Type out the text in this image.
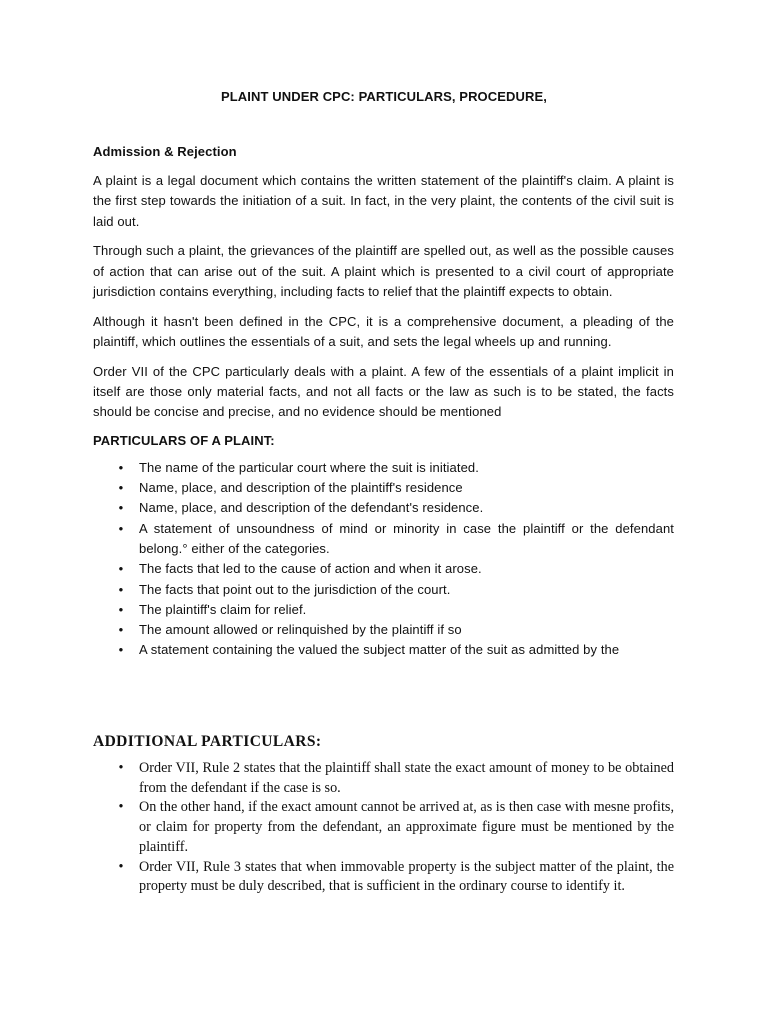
PLAINT UNDER CPC: PARTICULARS, PROCEDURE,

Admission & Rejection

A plaint is a legal document which contains the written statement of the plaintiff's claim. A plaint is the first step towards the initiation of a suit. In fact, in the very plaint, the contents of the civil suit is laid out.

Through such a plaint, the grievances of the plaintiff are spelled out, as well as the possible causes of action that can arise out of the suit. A plaint which is presented to a civil court of appropriate jurisdiction contains everything, including facts to relief that the plaintiff expects to obtain.

Although it hasn't been defined in the CPC, it is a comprehensive document, a pleading of the plaintiff, which outlines the essentials of a suit, and sets the legal wheels up and running.

Order VII of the CPC particularly deals with a plaint. A few of the essentials of a plaint implicit in itself are those only material facts, and not all facts or the law as such is to be stated, the facts should be concise and precise, and no evidence should be mentioned

PARTICULARS OF A PLAINT:

• The name of the particular court where the suit is initiated.
• Name, place, and description of the plaintiff's residence
• Name, place, and description of the defendant's residence.
• A statement of unsoundness of mind or minority in case the plaintiff or the defendant belong.° either of the categories.
• The facts that led to the cause of action and when it arose.
• The facts that point out to the jurisdiction of the court.
• The plaintiff's claim for relief.
• The amount allowed or relinquished by the plaintiff if so
• A statement containing the valued the subject matter of the suit as admitted by the

ADDITIONAL PARTICULARS:

• Order VII, Rule 2 states that the plaintiff shall state the exact amount of money to be obtained from the defendant if the case is so.
• On the other hand, if the exact amount cannot be arrived at, as is then case with mesne profits, or claim for property from the defendant, an approximate figure must be mentioned by the plaintiff.
• Order VII, Rule 3 states that when immovable property is the subject matter of the plaint, the property must be duly described, that is sufficient in the ordinary course to identify it.
